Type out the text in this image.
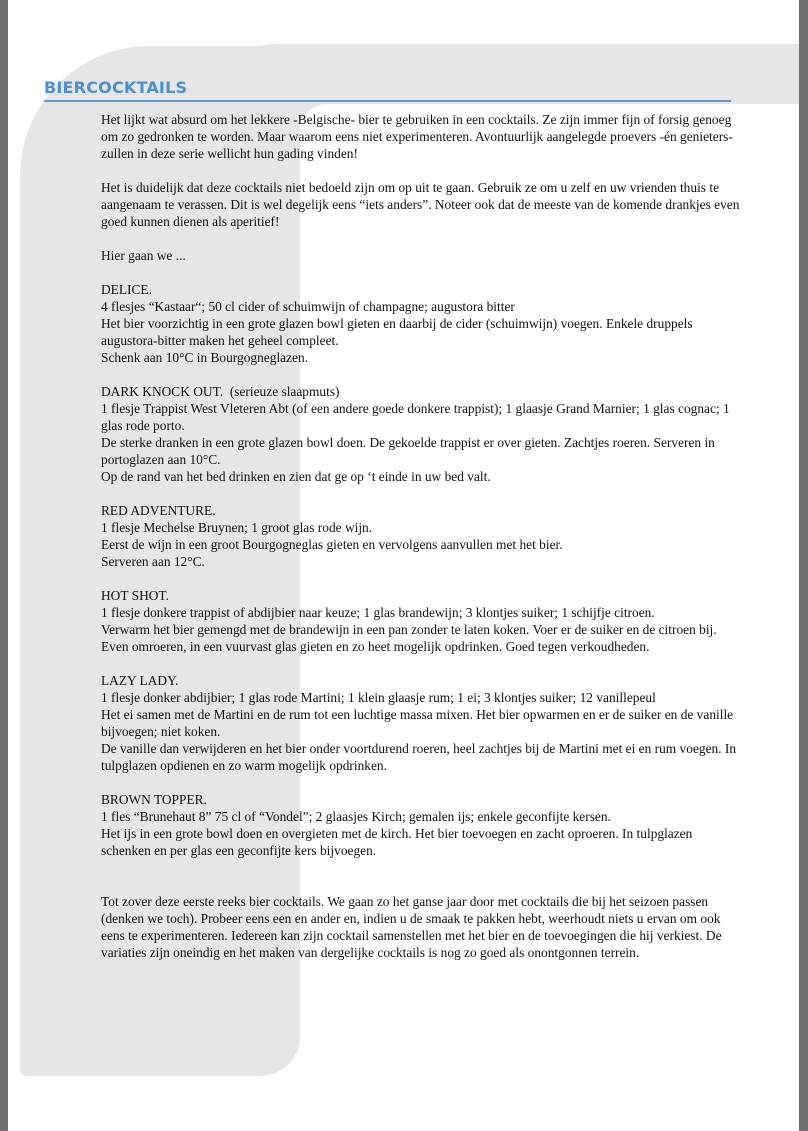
BIERCOCKTAILS

Het lijkt wat absurd om het lekkere -Belgische- bier te gebruiken in een cocktails. Ze zijn immer fijn of forsig genoeg om zo gedronken te worden. Maar waarom eens niet experimenteren. Avontuurlijk aangelegde proevers -én genieters- zullen in deze serie wellicht hun gading vinden!

Het is duidelijk dat deze cocktails niet bedoeld zijn om op uit te gaan. Gebruik ze om u zelf en uw vrienden thuis te aangenaam te verassen. Dit is wel degelijk eens “iets anders”. Noteer ook dat de meeste van de komende drankjes even goed kunnen dienen als aperitief!

Hier gaan we ...

DELICE.
4 flesjes “Kastaar“; 50 cl cider of schuimwijn of champagne; augustora bitter
Het bier voorzichtig in een grote glazen bowl gieten en daarbij de cider (schuimwijn) voegen. Enkele druppels augustora-bitter maken het geheel compleet.
Schenk aan 10°C in Bourgogneglazen.
DARK KNOCK OUT.  (serieuze slaapmuts)
1 flesje Trappist West Vleteren Abt (of een andere goede donkere trappist); 1 glaasje Grand Marnier; 1 glas cognac; 1 glas rode porto.
De sterke dranken in een grote glazen bowl doen. De gekoelde trappist er over gieten. Zachtjes roeren. Serveren in portoglazen aan 10°C.
Op de rand van het bed drinken en zien dat ge op ‘t einde in uw bed valt.
RED ADVENTURE.
1 flesje Mechelse Bruynen; 1 groot glas rode wijn.
Eerst de wijn in een groot Bourgogneglas gieten en vervolgens aanvullen met het bier.
Serveren aan 12°C.
HOT SHOT.
1 flesje donkere trappist of abdijbier naar keuze; 1 glas brandewijn; 3 klontjes suiker; 1 schijfje citroen.
Verwarm het bier gemengd met de brandewijn in een pan zonder te laten koken. Voer er de suiker en de citroen bij. Even omroeren, in een vuurvast glas gieten en zo heet mogelijk opdrinken. Goed tegen verkoudheden.
LAZY LADY.
1 flesje donker abdijbier; 1 glas rode Martini; 1 klein glaasje rum; 1 ei; 3 klontjes suiker; 12 vanillepeul
Het ei samen met de Martini en de rum tot een luchtige massa mixen. Het bier opwarmen en er de suiker en de vanille bijvoegen; niet koken.
De vanille dan verwijderen en het bier onder voortdurend roeren, heel zachtjes bij de Martini met ei en rum voegen. In tulpglazen opdienen en zo warm mogelijk opdrinken.
BROWN TOPPER.
1 fles “Brunehaut 8” 75 cl of “Vondel”; 2 glaasjes Kirch; gemalen ijs; enkele geconfijte kersen.
Het ijs in een grote bowl doen en overgieten met de kirch. Het bier toevoegen en zacht oproeren. In tulpglazen schenken en per glas een geconfijte kers bijvoegen.

Tot zover deze eerste reeks bier cocktails. We gaan zo het ganse jaar door met cocktails die bij het seizoen passen (denken we toch). Probeer eens een en ander en, indien u de smaak te pakken hebt, weerhoudt niets u ervan om ook eens te experimenteren. Iedereen kan zijn cocktail samenstellen met het bier en de toevoegingen die hij verkiest. De variaties zijn oneindig en het maken van dergelijke cocktails is nog zo goed als onontgonnen terrein.
